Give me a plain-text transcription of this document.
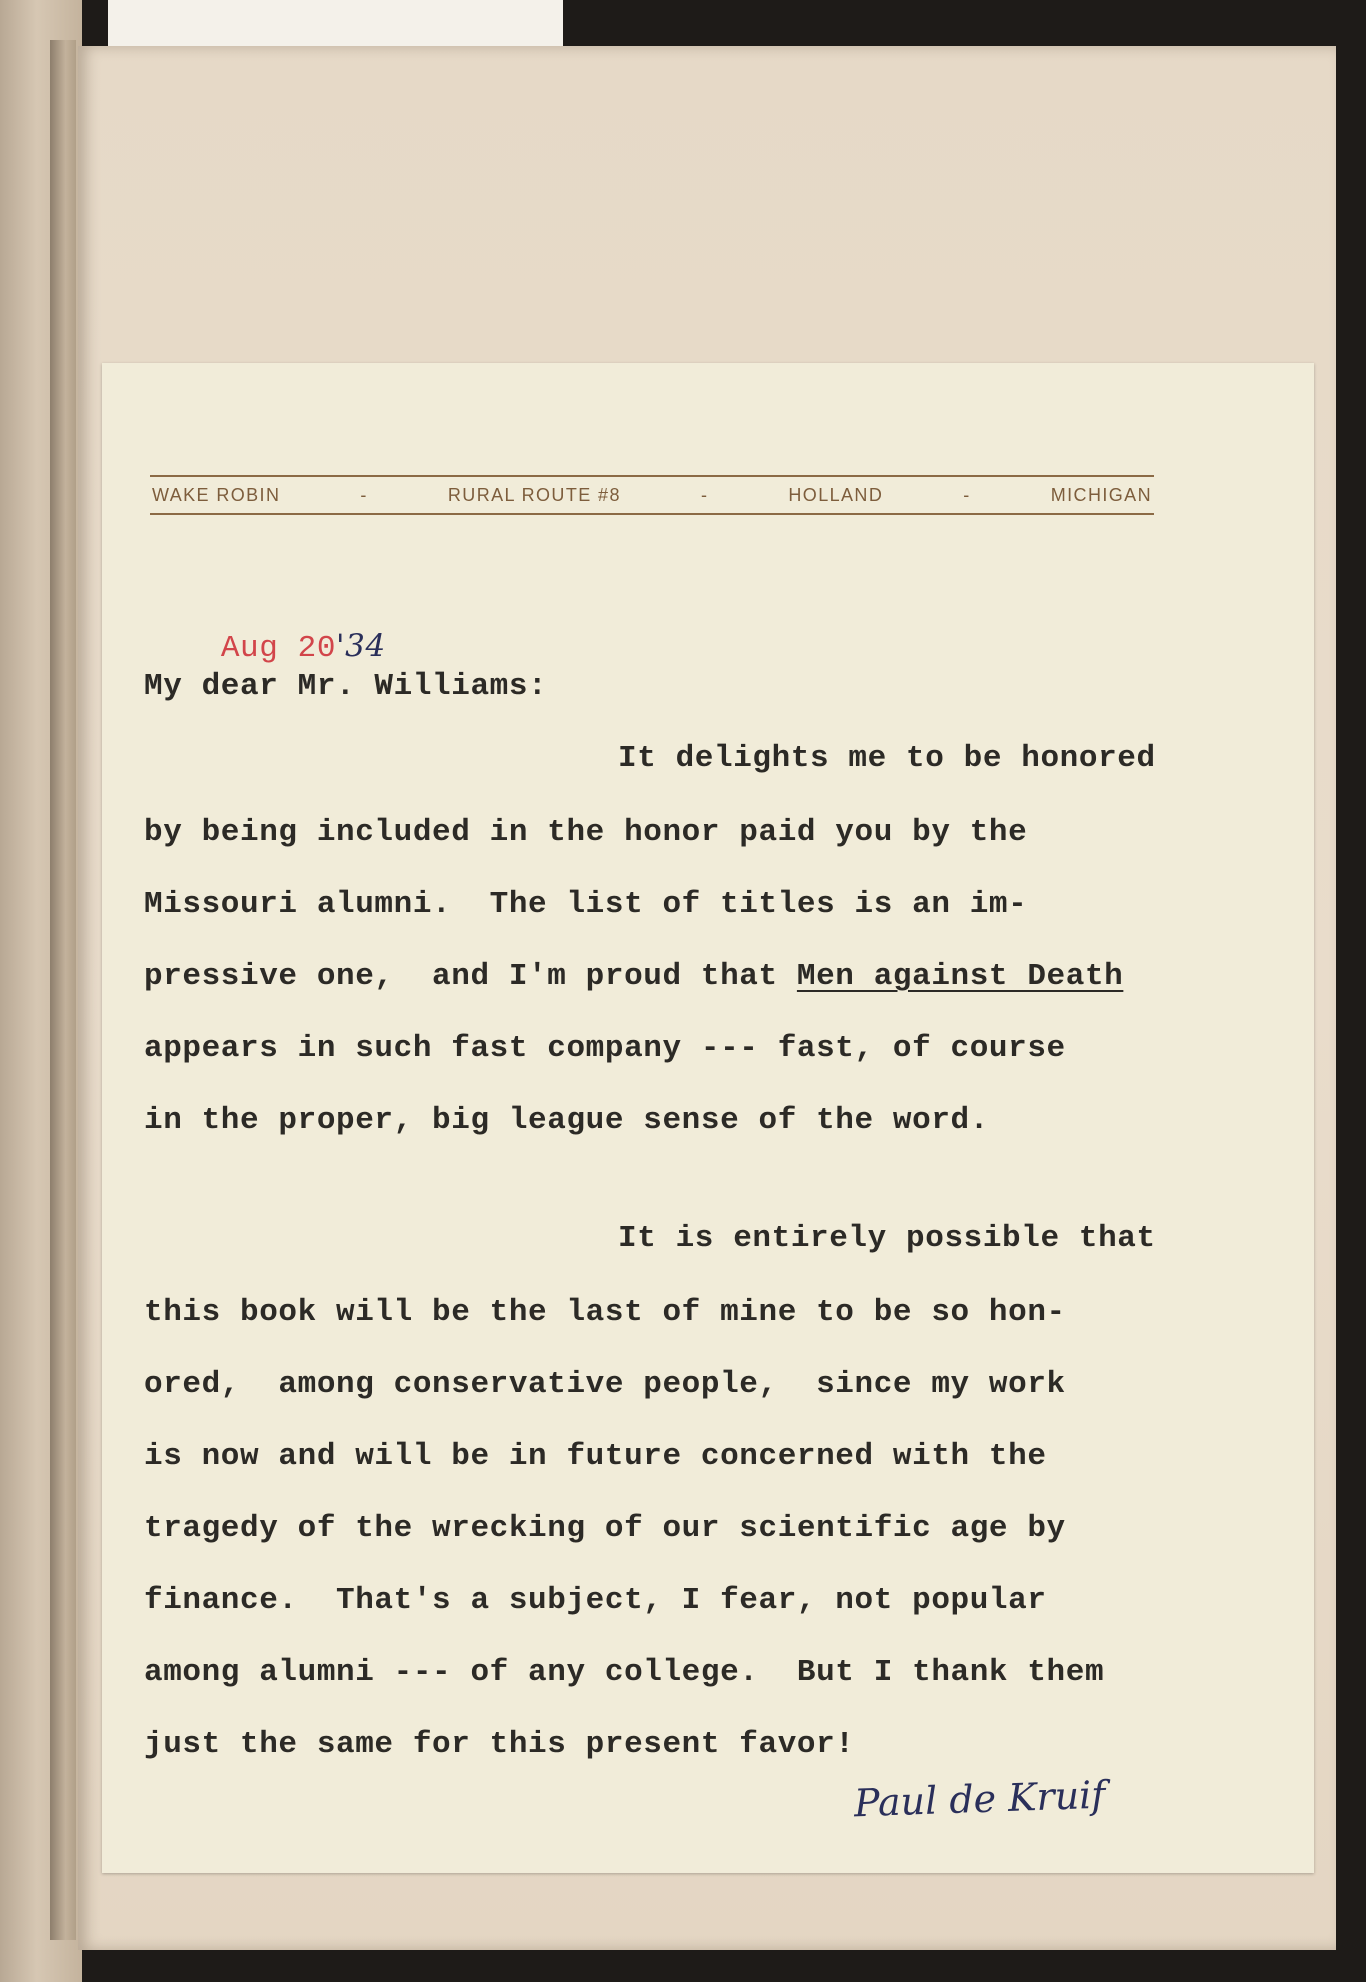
WAKE ROBIN	-	RURAL ROUTE #8	-	HOLLAND	-	MICHIGAN

Aug 20'34

My dear Mr. Williams:
It delights me to be honored
by being included in the honor paid you by the
Missouri alumni.  The list of titles is an im-
pressive one,  and I'm proud that Men against Death
appears in such fast company --- fast, of course
in the proper, big league sense of the word.
It is entirely possible that
this book will be the last of mine to be so hon-
ored,  among conservative people,  since my work
is now and will be in future concerned with the
tragedy of the wrecking of our scientific age by
finance.  That's a subject, I fear, not popular
among alumni --- of any college.  But I thank them
just the same for this present favor!
Paul de Kruif
